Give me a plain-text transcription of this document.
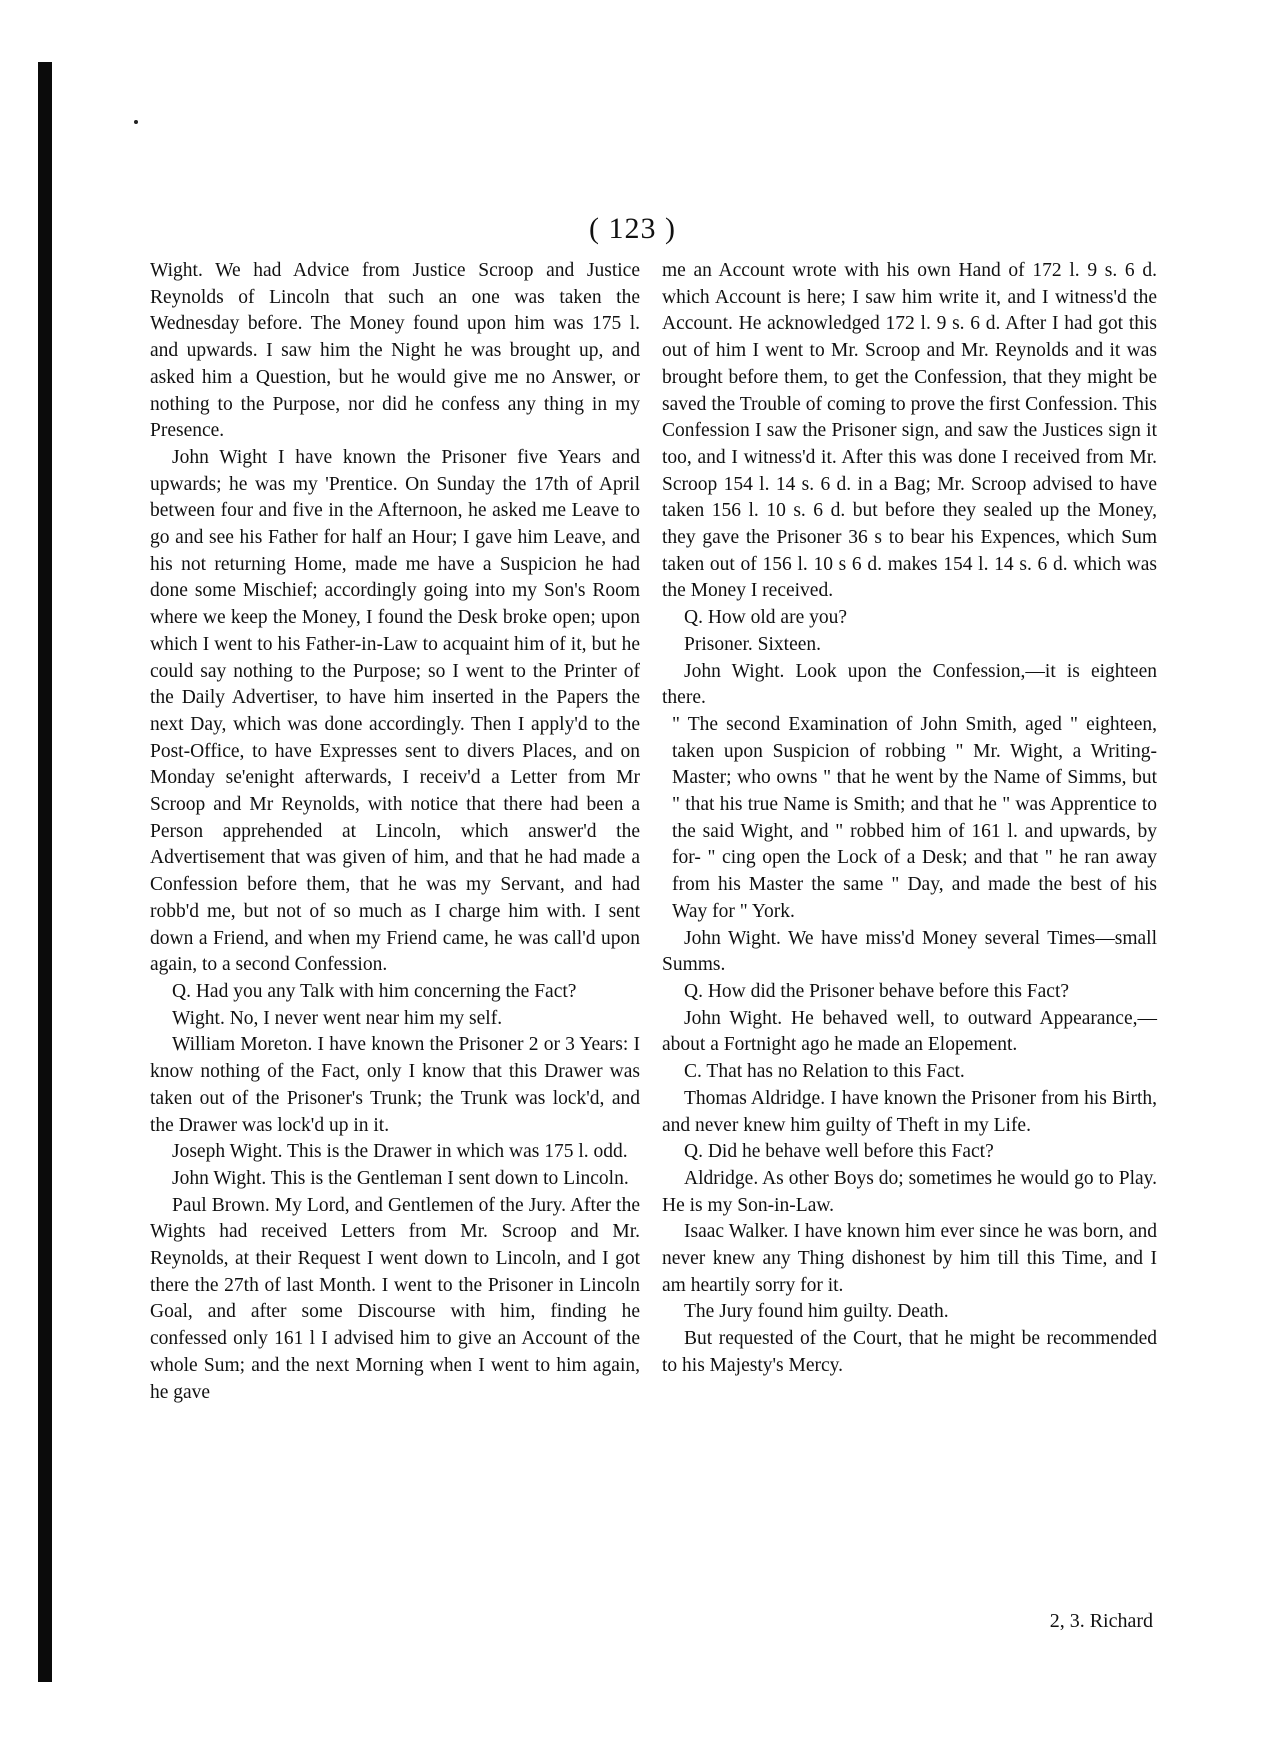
( 123 )

Wight. We had Advice from Justice Scroop and Justice Reynolds of Lincoln that such an one was taken the Wednesday before. The Money found upon him was 175 l. and upwards. I saw him the Night he was brought up, and asked him a Question, but he would give me no Answer, or nothing to the Purpose, nor did he confess any thing in my Presence.

John Wight I have known the Prisoner five Years and upwards; he was my 'Prentice. On Sunday the 17th of April between four and five in the Afternoon, he asked me Leave to go and see his Father for half an Hour; I gave him Leave, and his not returning Home, made me have a Suspicion he had done some Mischief; accordingly going into my Son's Room where we keep the Money, I found the Desk broke open; upon which I went to his Father-in-Law to acquaint him of it, but he could say nothing to the Purpose; so I went to the Printer of the Daily Advertiser, to have him inserted in the Papers the next Day, which was done accordingly. Then I apply'd to the Post-Office, to have Expresses sent to divers Places, and on Monday se'enight afterwards, I receiv'd a Letter from Mr Scroop and Mr Reynolds, with notice that there had been a Person apprehended at Lincoln, which answer'd the Advertisement that was given of him, and that he had made a Confession before them, that he was my Servant, and had robb'd me, but not of so much as I charge him with. I sent down a Friend, and when my Friend came, he was call'd upon again, to a second Confession.

Q. Had you any Talk with him concerning the Fact?

Wight. No, I never went near him my self.

William Moreton. I have known the Prisoner 2 or 3 Years: I know nothing of the Fact, only I know that this Drawer was taken out of the Prisoner's Trunk; the Trunk was lock'd, and the Drawer was lock'd up in it.

Joseph Wight. This is the Drawer in which was 175 l. odd.

John Wight. This is the Gentleman I sent down to Lincoln.

Paul Brown. My Lord, and Gentlemen of the Jury. After the Wights had received Letters from Mr. Scroop and Mr. Reynolds, at their Request I went down to Lincoln, and I got there the 27th of last Month. I went to the Prisoner in Lincoln Goal, and after some Discourse with him, finding he confessed only 161 l I advised him to give an Account of the whole Sum; and the next Morning when I went to him again, he gave

me an Account wrote with his own Hand of 172 l. 9 s. 6 d. which Account is here; I saw him write it, and I witness'd the Account. He acknowledged 172 l. 9 s. 6 d. After I had got this out of him I went to Mr. Scroop and Mr. Reynolds and it was brought before them, to get the Confession, that they might be saved the Trouble of coming to prove the first Confession. This Confession I saw the Prisoner sign, and saw the Justices sign it too, and I witness'd it. After this was done I received from Mr. Scroop 154 l. 14 s. 6 d. in a Bag; Mr. Scroop advised to have taken 156 l. 10 s. 6 d. but before they sealed up the Money, they gave the Prisoner 36 s to bear his Expences, which Sum taken out of 156 l. 10 s 6 d. makes 154 l. 14 s. 6 d. which was the Money I received.

Q. How old are you?

Prisoner. Sixteen.

John Wight. Look upon the Confession,—it is eighteen there.

" The second Examination of John Smith, aged " eighteen, taken upon Suspicion of robbing " Mr. Wight, a Writing-Master; who owns " that he went by the Name of Simms, but " that his true Name is Smith; and that he " was Apprentice to the said Wight, and " robbed him of 161 l. and upwards, by for- " cing open the Lock of a Desk; and that " he ran away from his Master the same " Day, and made the best of his Way for " York.

John Wight. We have miss'd Money several Times—small Summs.

Q. How did the Prisoner behave before this Fact?

John Wight. He behaved well, to outward Appearance,—about a Fortnight ago he made an Elopement.

C. That has no Relation to this Fact.

Thomas Aldridge. I have known the Prisoner from his Birth, and never knew him guilty of Theft in my Life.

Q. Did he behave well before this Fact?

Aldridge. As other Boys do; sometimes he would go to Play. He is my Son-in-Law.

Isaac Walker. I have known him ever since he was born, and never knew any Thing dishonest by him till this Time, and I am heartily sorry for it.

The Jury found him guilty. Death.

But requested of the Court, that he might be recommended to his Majesty's Mercy.

2, 3. Richard
